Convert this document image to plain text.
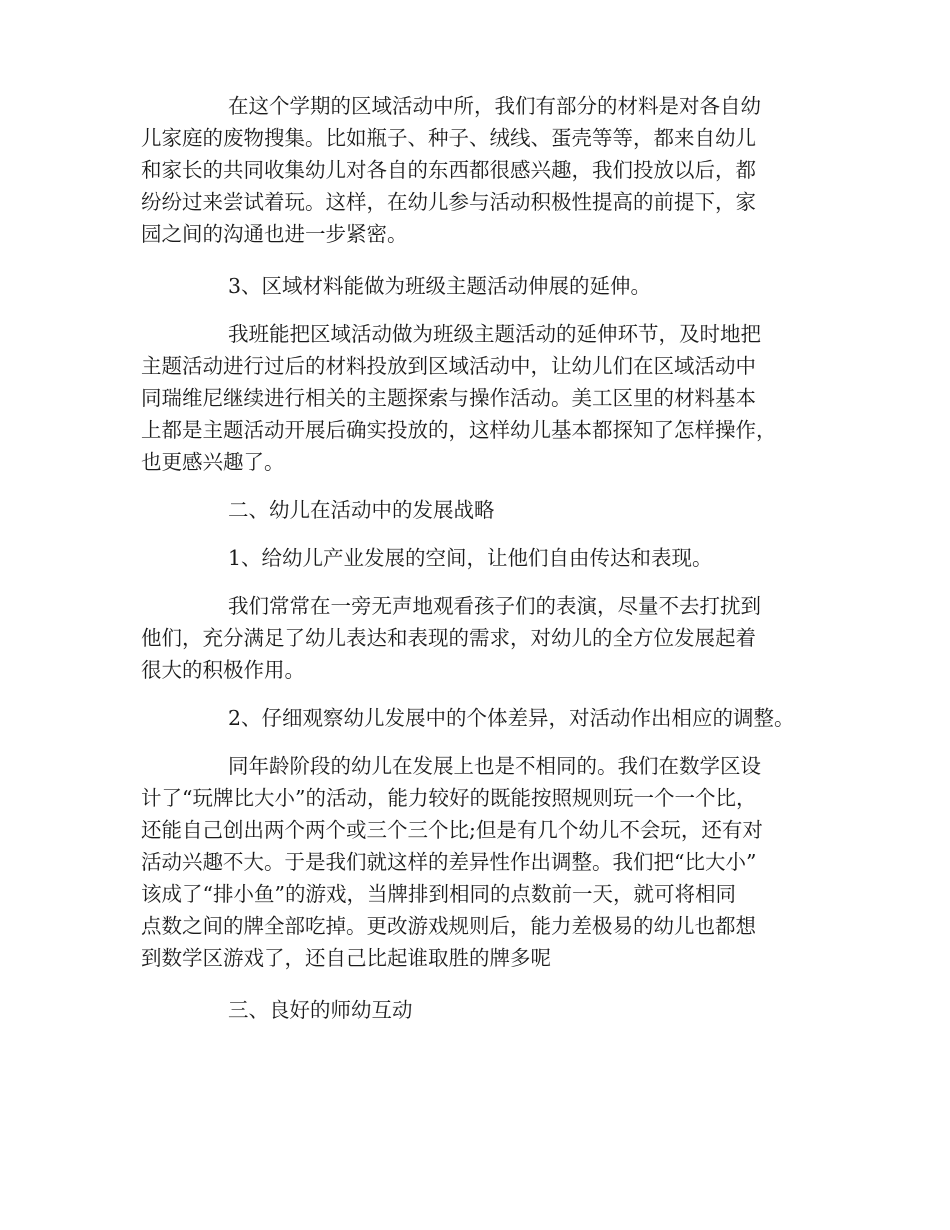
在这个学期的区域活动中所，我们有部分的材料是对各自幼

儿家庭的废物搜集。比如瓶子、种子、绒线、蛋壳等等，都来自幼儿

和家长的共同收集幼儿对各自的东西都很感兴趣，我们投放以后，都

纷纷过来尝试着玩。这样，在幼儿参与活动积极性提高的前提下，家

园之间的沟通也进一步紧密。

3、区域材料能做为班级主题活动伸展的延伸。

我班能把区域活动做为班级主题活动的延伸环节，及时地把

主题活动进行过后的材料投放到区域活动中，让幼儿们在区域活动中

同瑞维尼继续进行相关的主题探索与操作活动。美工区里的材料基本

上都是主题活动开展后确实投放的，这样幼儿基本都探知了怎样操作，

也更感兴趣了。

二、幼儿在活动中的发展战略

1、给幼儿产业发展的空间，让他们自由传达和表现。

我们常常在一旁无声地观看孩子们的表演，尽量不去打扰到

他们，充分满足了幼儿表达和表现的需求，对幼儿的全方位发展起着

很大的积极作用。

2、仔细观察幼儿发展中的个体差异，对活动作出相应的调整。

同年龄阶段的幼儿在发展上也是不相同的。我们在数学区设

计了“玩牌比大小”的活动，能力较好的既能按照规则玩一个一个比，

还能自己创出两个两个或三个三个比;但是有几个幼儿不会玩，还有对

活动兴趣不大。于是我们就这样的差异性作出调整。我们把“比大小”

该成了“排小鱼”的游戏，当牌排到相同的点数前一天，就可将相同

点数之间的牌全部吃掉。更改游戏规则后，能力差极易的幼儿也都想

到数学区游戏了，还自己比起谁取胜的牌多呢

三、良好的师幼互动
